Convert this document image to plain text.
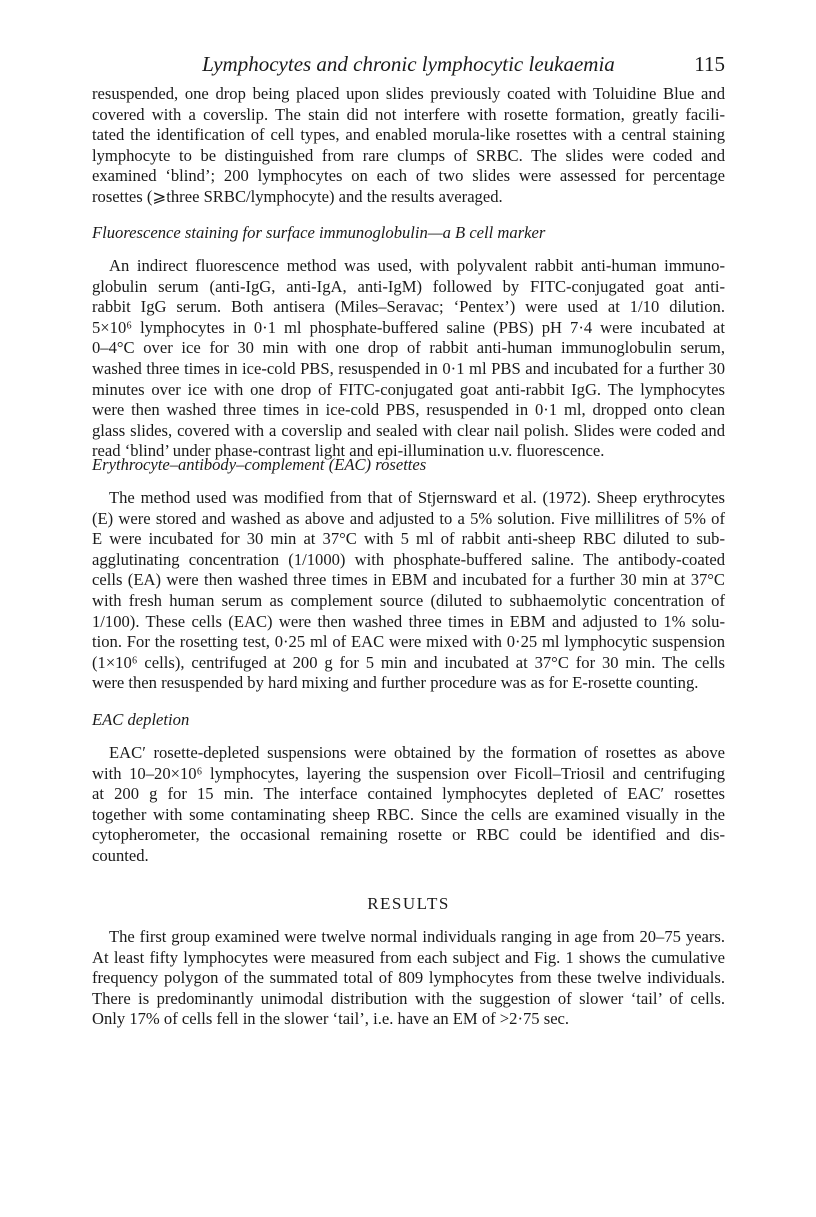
Lymphocytes and chronic lymphocytic leukaemia	115
resuspended, one drop being placed upon slides previously coated with Toluidine Blue and
covered with a coverslip. The stain did not interfere with rosette formation, greatly facili-
tated the identification of cell types, and enabled morula-like rosettes with a central staining
lymphocyte to be distinguished from rare clumps of SRBC. The slides were coded and
examined ‘blind’; 200 lymphocytes on each of two slides were assessed for percentage
rosettes (⩾three SRBC/lymphocyte) and the results averaged.
Fluorescence staining for surface immunoglobulin—a B cell marker
An indirect fluorescence method was used, with polyvalent rabbit anti-human immuno-
globulin serum (anti-IgG, anti-IgA, anti-IgM) followed by FITC-conjugated goat anti-
rabbit IgG serum. Both antisera (Miles–Seravac; ‘Pentex’) were used at 1/10 dilution.
5×10⁶ lymphocytes in 0·1 ml phosphate-buffered saline (PBS) pH 7·4 were incubated at
0–4°C over ice for 30 min with one drop of rabbit anti-human immunoglobulin serum,
washed three times in ice-cold PBS, resuspended in 0·1 ml PBS and incubated for a further 30
minutes over ice with one drop of FITC-conjugated goat anti-rabbit IgG. The lymphocytes
were then washed three times in ice-cold PBS, resuspended in 0·1 ml, dropped onto clean
glass slides, covered with a coverslip and sealed with clear nail polish. Slides were coded and
read ‘blind’ under phase-contrast light and epi-illumination u.v. fluorescence.
Erythrocyte–antibody–complement (EAC) rosettes
The method used was modified from that of Stjernsward et al. (1972). Sheep erythrocytes
(E) were stored and washed as above and adjusted to a 5% solution. Five millilitres of 5% of
E were incubated for 30 min at 37°C with 5 ml of rabbit anti-sheep RBC diluted to sub-
agglutinating concentration (1/1000) with phosphate-buffered saline. The antibody-coated
cells (EA) were then washed three times in EBM and incubated for a further 30 min at 37°C
with fresh human serum as complement source (diluted to subhaemolytic concentration of
1/100). These cells (EAC) were then washed three times in EBM and adjusted to 1% solu-
tion. For the rosetting test, 0·25 ml of EAC were mixed with 0·25 ml lymphocytic suspension
(1×10⁶ cells), centrifuged at 200 g for 5 min and incubated at 37°C for 30 min. The cells
were then resuspended by hard mixing and further procedure was as for E-rosette counting.
EAC depletion
EAC′ rosette-depleted suspensions were obtained by the formation of rosettes as above
with 10–20×10⁶ lymphocytes, layering the suspension over Ficoll–Triosil and centrifuging
at 200 g for 15 min. The interface contained lymphocytes depleted of EAC′ rosettes
together with some contaminating sheep RBC. Since the cells are examined visually in the
cytopherometer, the occasional remaining rosette or RBC could be identified and dis-
counted.
RESULTS
The first group examined were twelve normal individuals ranging in age from 20–75 years.
At least fifty lymphocytes were measured from each subject and Fig. 1 shows the cumulative
frequency polygon of the summated total of 809 lymphocytes from these twelve individuals.
There is predominantly unimodal distribution with the suggestion of slower ‘tail’ of cells.
Only 17% of cells fell in the slower ‘tail’, i.e. have an EM of >2·75 sec.
